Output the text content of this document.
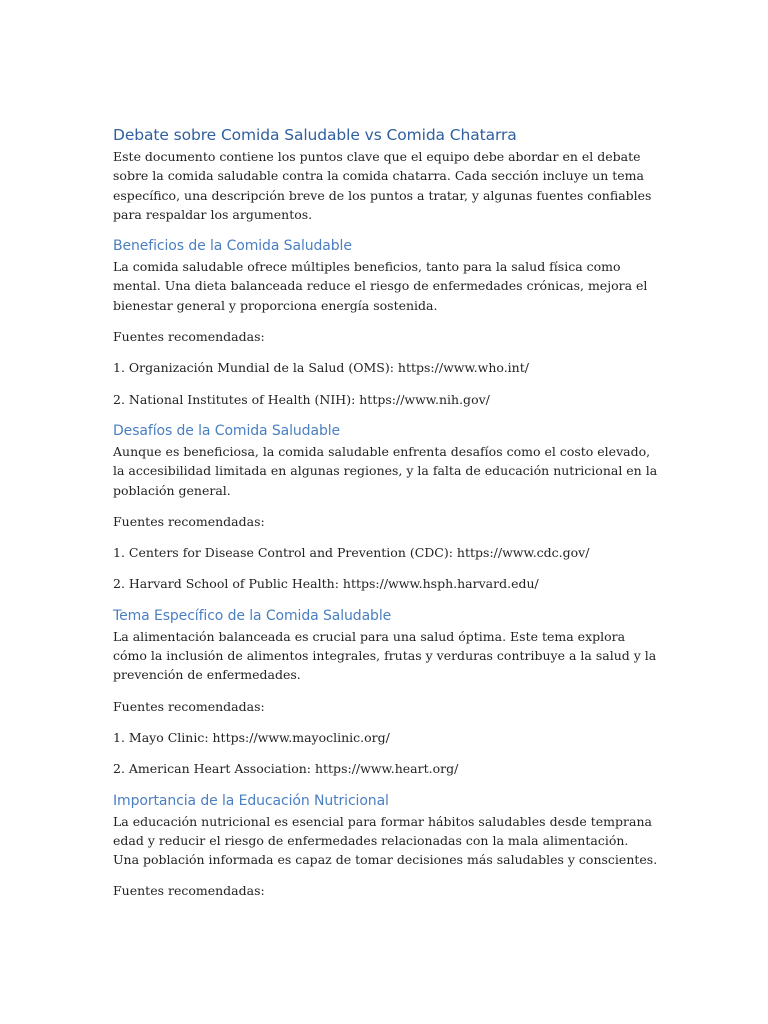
Debate sobre Comida Saludable vs Comida Chatarra

Este documento contiene los puntos clave que el equipo debe abordar en el debate sobre la comida saludable contra la comida chatarra. Cada sección incluye un tema específico, una descripción breve de los puntos a tratar, y algunas fuentes confiables para respaldar los argumentos.

Beneficios de la Comida Saludable

La comida saludable ofrece múltiples beneficios, tanto para la salud física como mental. Una dieta balanceada reduce el riesgo de enfermedades crónicas, mejora el bienestar general y proporciona energía sostenida.

Fuentes recomendadas:

1. Organización Mundial de la Salud (OMS): https://www.who.int/

2. National Institutes of Health (NIH): https://www.nih.gov/

Desafíos de la Comida Saludable

Aunque es beneficiosa, la comida saludable enfrenta desafíos como el costo elevado, la accesibilidad limitada en algunas regiones, y la falta de educación nutricional en la población general.

Fuentes recomendadas:

1. Centers for Disease Control and Prevention (CDC): https://www.cdc.gov/

2. Harvard School of Public Health: https://www.hsph.harvard.edu/

Tema Específico de la Comida Saludable

La alimentación balanceada es crucial para una salud óptima. Este tema explora cómo la inclusión de alimentos integrales, frutas y verduras contribuye a la salud y la prevención de enfermedades.

Fuentes recomendadas:

1. Mayo Clinic: https://www.mayoclinic.org/

2. American Heart Association: https://www.heart.org/

Importancia de la Educación Nutricional

La educación nutricional es esencial para formar hábitos saludables desde temprana edad y reducir el riesgo de enfermedades relacionadas con la mala alimentación. Una población informada es capaz de tomar decisiones más saludables y conscientes.

Fuentes recomendadas:
